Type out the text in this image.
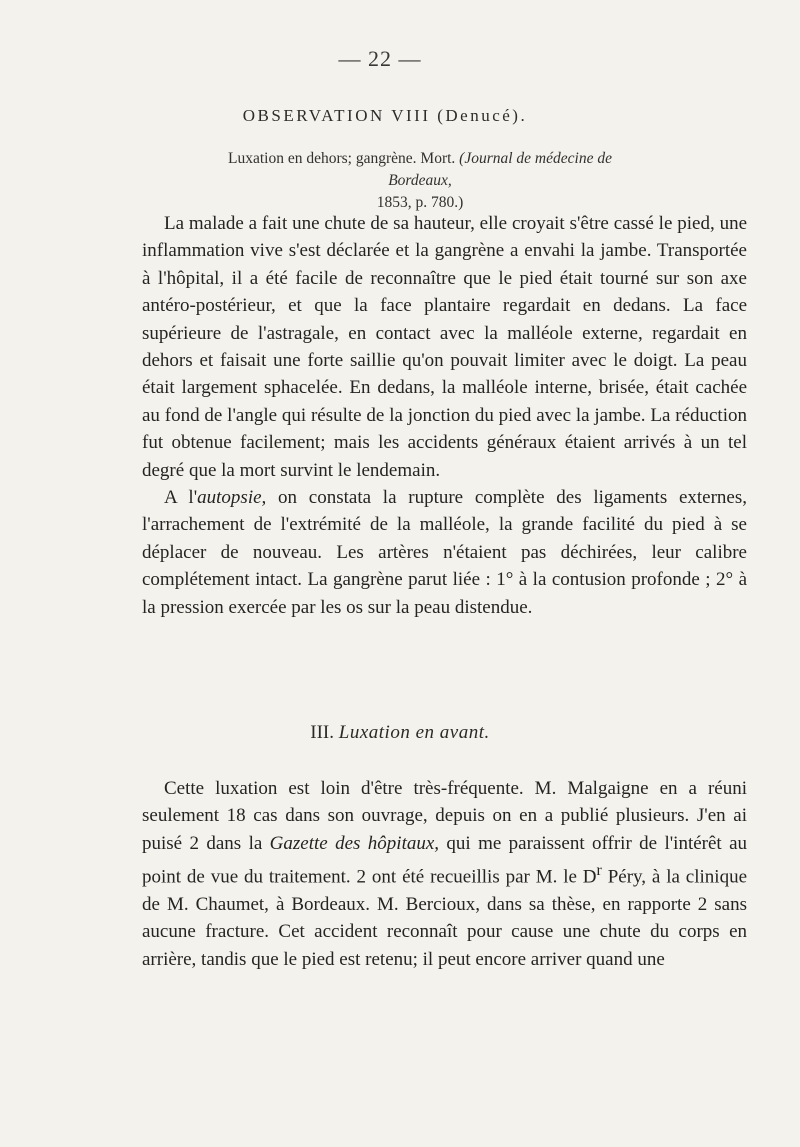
— 22 —
OBSERVATION VIII (Denucé).
Luxation en dehors; gangrène. Mort. (Journal de médecine de Bordeaux,
1853, p. 780.)

La malade a fait une chute de sa hauteur, elle croyait s'être cassé le pied, une inflammation vive s'est déclarée et la gangrène a envahi la jambe. Transportée à l'hôpital, il a été facile de reconnaître que le pied était tourné sur son axe antéro-postérieur, et que la face plantaire regardait en dedans. La face supérieure de l'astragale, en contact avec la malléole externe, regardait en dehors et faisait une forte saillie qu'on pouvait limiter avec le doigt. La peau était largement sphacelée. En dedans, la malléole interne, brisée, était cachée au fond de l'angle qui résulte de la jonction du pied avec la jambe. La réduction fut obtenue facilement; mais les accidents généraux étaient arrivés à un tel degré que la mort survint le lendemain.

A l'autopsie, on constata la rupture complète des ligaments externes, l'arrachement de l'extrémité de la malléole, la grande facilité du pied à se déplacer de nouveau. Les artères n'étaient pas déchirées, leur calibre complétement intact. La gangrène parut liée : 1° à la contusion profonde ; 2° à la pression exercée par les os sur la peau distendue.

III. Luxation en avant.

Cette luxation est loin d'être très-fréquente. M. Malgaigne en a réuni seulement 18 cas dans son ouvrage, depuis on en a publié plusieurs. J'en ai puisé 2 dans la Gazette des hôpitaux, qui me paraissent offrir de l'intérêt au point de vue du traitement. 2 ont été recueillis par M. le $D^r$ Péry, à la clinique de M. Chaumet, à Bordeaux. M. Bercioux, dans sa thèse, en rapporte 2 sans aucune fracture. Cet accident reconnaît pour cause une chute du corps en arrière, tandis que le pied est retenu; il peut encore arriver quand une
